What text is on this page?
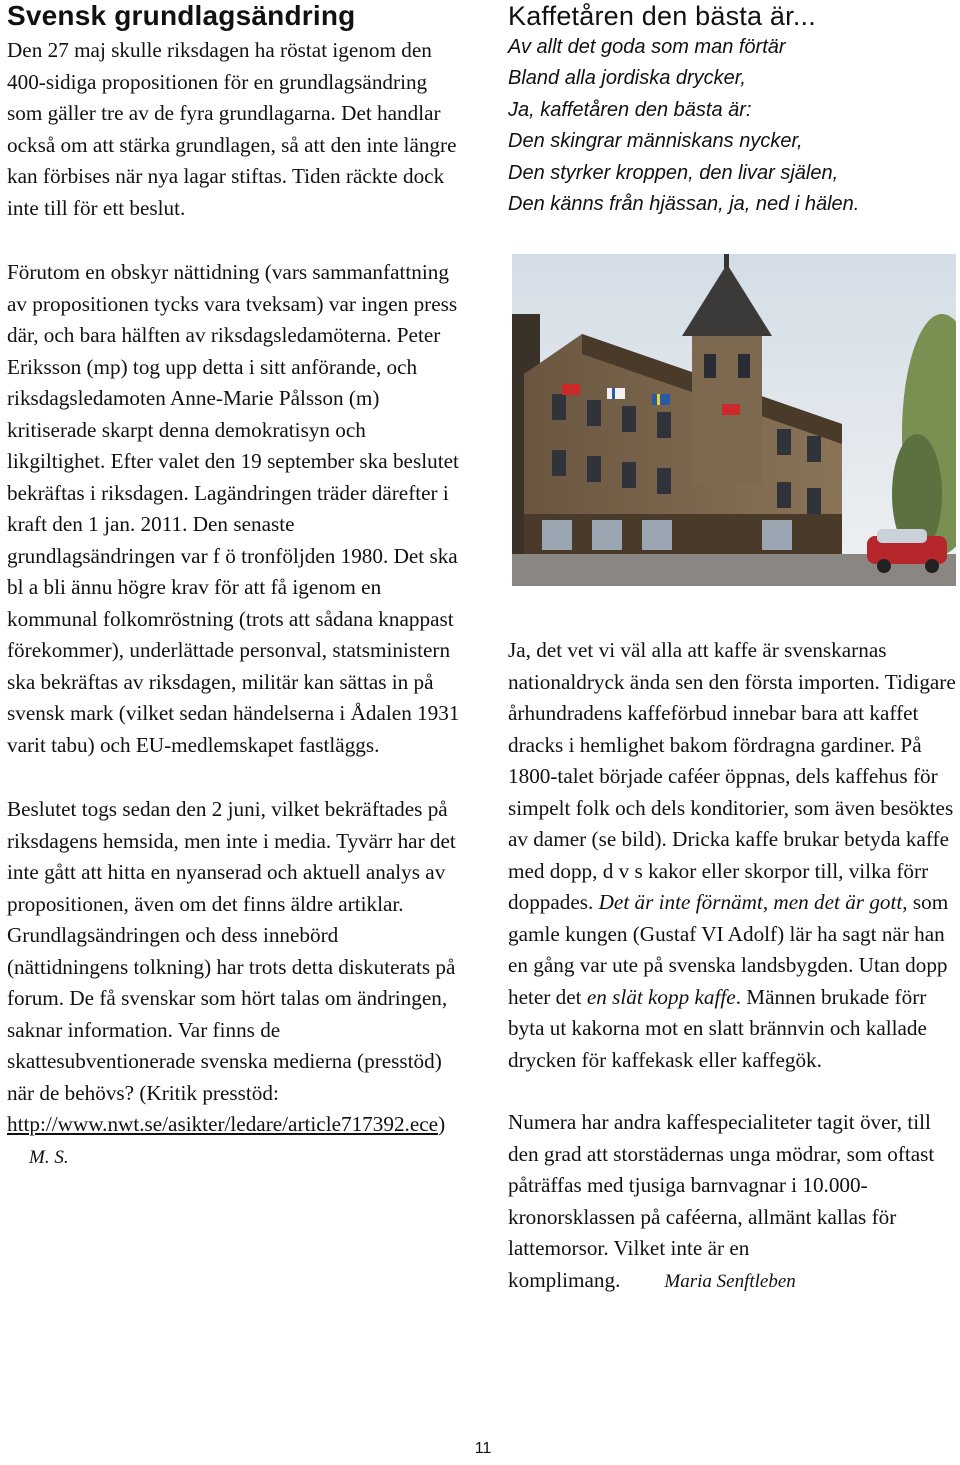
Svensk grundlagsändring

Den 27 maj skulle riksdagen ha röstat igenom den 400-sidiga propositionen för en grundlagsändring som gäller tre av de fyra grundlagarna. Det handlar också om att stärka grundlagen, så att den inte längre kan förbises när nya lagar stiftas. Tiden räckte dock inte till för ett beslut.

Förutom en obskyr nättidning (vars sammanfattning av propositionen tycks vara tveksam) var ingen press där, och bara hälften av riksdagsledamöterna. Peter Eriksson (mp) tog upp detta i sitt anförande, och riksdagsledamoten Anne-Marie Pålsson (m) kritiserade skarpt denna demokratisyn och likgiltighet. Efter valet den 19 september ska beslutet bekräftas i riksdagen. Lagändringen träder därefter i kraft den 1 jan. 2011. Den senaste grundlagsändringen var f ö tronföljden 1980. Det ska bl a bli ännu högre krav för att få igenom en kommunal folkomröstning (trots att sådana knappast förekommer), underlättade personval, statsministern ska bekräftas av riksdagen, militär kan sättas in på svensk mark (vilket sedan händelserna i Ådalen 1931 varit tabu) och EU-medlemskapet fastläggs.

Beslutet togs sedan den 2 juni, vilket bekräftades på riksdagens hemsida, men inte i media. Tyvärr har det inte gått att hitta en nyanserad och aktuell analys av propositionen, även om det finns äldre artiklar. Grundlagsändringen och dess innebörd (nättidningens tolkning) har trots detta diskuterats på forum. De få svenskar som hört talas om ändringen, saknar information. Var finns de skattesubventionerade svenska medierna (presstöd) när de behövs? (Kritik presstöd: http://www.nwt.se/asikter/ledare/article717392.ece) M. S.

Kaffetåren den bästa är...
Av allt det goda som man förtär
Bland alla jordiska drycker,
Ja, kaffetåren den bästa är:
Den skingrar människans nycker,
Den styrker kroppen, den livar själen,
Den känns från hjässan, ja, ned i hälen.

Ja, det vet vi väl alla att kaffe är svenskarnas nationaldryck ända sen den första importen. Tidigare århundradens kaffeförbud innebar bara att kaffet dracks i hemlighet bakom fördragna gardiner. På 1800-talet började caféer öppnas, dels kaffehus för simpelt folk och dels konditorier, som även besöktes av damer (se bild). Dricka kaffe brukar betyda kaffe med dopp, d v s kakor eller skorpor till, vilka förr doppades. Det är inte förnämt, men det är gott, som gamle kungen (Gustaf VI Adolf) lär ha sagt när han en gång var ute på svenska landsbygden. Utan dopp heter det en slät kopp kaffe. Männen brukade förr byta ut kakorna mot en slatt brännvin och kallade drycken för kaffekask eller kaffegök.

Numera har andra kaffespecialiteter tagit över, till den grad att storstädernas unga mödrar, som oftast påträffas med tjusiga barnvagnar i 10.000-kronorsklassen på caféerna, allmänt kallas för lattemorsor. Vilket inte är en komplimang. Maria Senftleben

11
